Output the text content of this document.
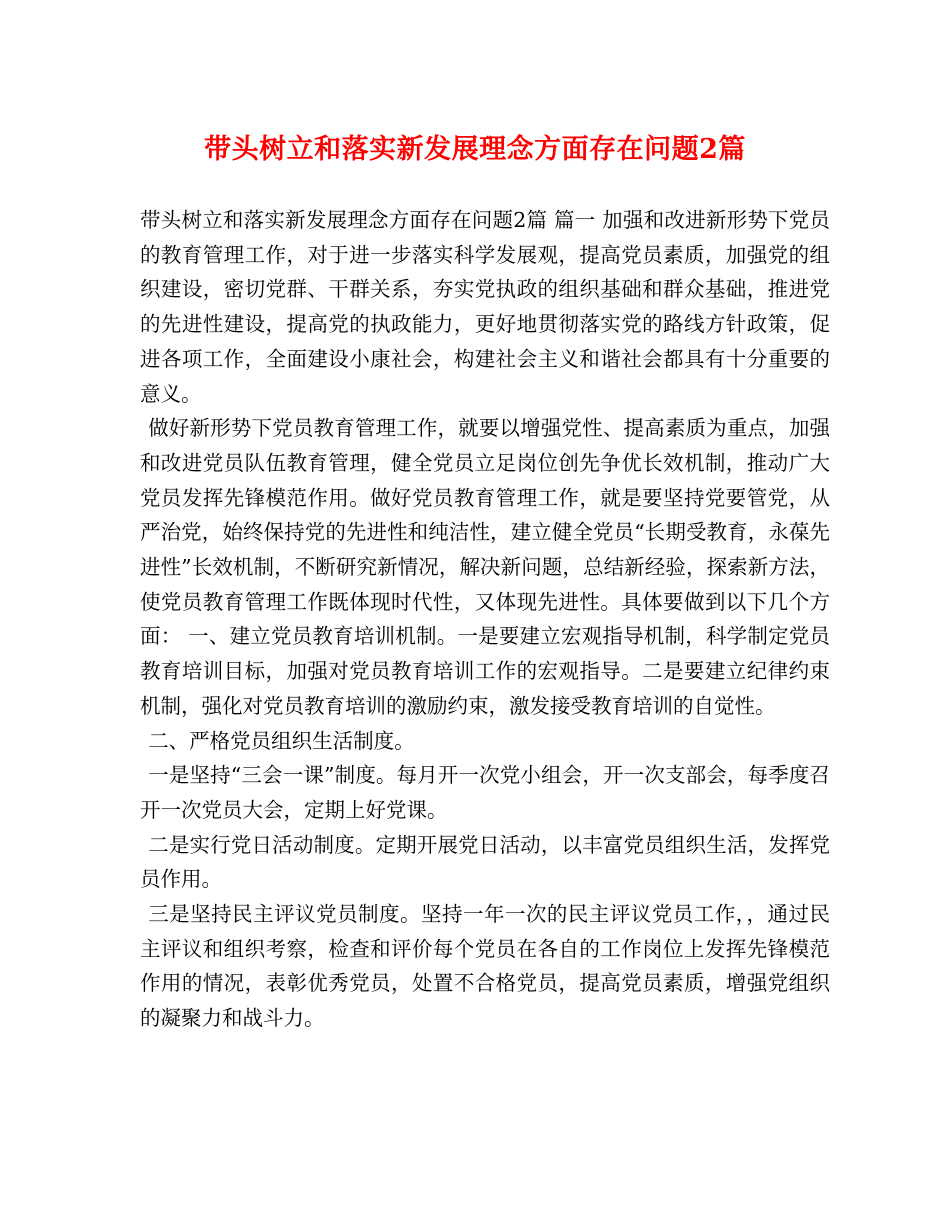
带头树立和落实新发展理念方面存在问题2篇

带头树立和落实新发展理念方面存在问题2篇 篇一 加强和改进新形势下党员的教育管理工作，对于进一步落实科学发展观，提高党员素质，加强党的组织建设，密切党群、干群关系，夯实党执政的组织基础和群众基础，推进党的先进性建设，提高党的执政能力，更好地贯彻落实党的路线方针政策，促进各项工作，全面建设小康社会，构建社会主义和谐社会都具有十分重要的意义。

做好新形势下党员教育管理工作，就要以增强党性、提高素质为重点，加强和改进党员队伍教育管理，健全党员立足岗位创先争优长效机制，推动广大党员发挥先锋模范作用。做好党员教育管理工作，就是要坚持党要管党，从严治党，始终保持党的先进性和纯洁性，建立健全党员“长期受教育，永葆先进性”长效机制，不断研究新情况，解决新问题，总结新经验，探索新方法，使党员教育管理工作既体现时代性，又体现先进性。具体要做到以下几个方面： 一、建立党员教育培训机制。一是要建立宏观指导机制，科学制定党员教育培训目标，加强对党员教育培训工作的宏观指导。二是要建立纪律约束机制，强化对党员教育培训的激励约束，激发接受教育培训的自觉性。

二、严格党员组织生活制度。

一是坚持“三会一课”制度。每月开一次党小组会，开一次支部会，每季度召开一次党员大会，定期上好党课。

二是实行党日活动制度。定期开展党日活动，以丰富党员组织生活，发挥党员作用。

三是坚持民主评议党员制度。坚持一年一次的民主评议党员工作，，通过民主评议和组织考察，检查和评价每个党员在各自的工作岗位上发挥先锋模范作用的情况，表彰优秀党员，处置不合格党员，提高党员素质，增强党组织的凝聚力和战斗力。
